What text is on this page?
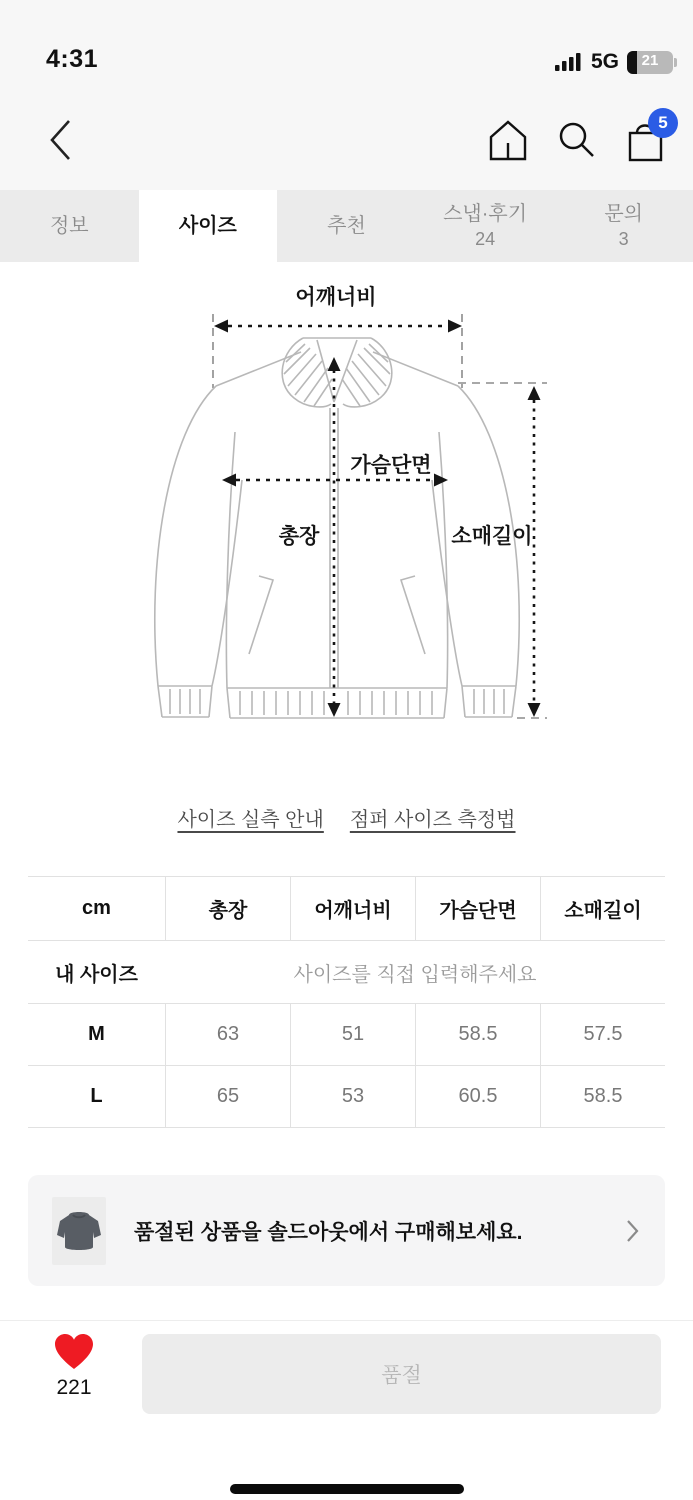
4:31	5G	21
5
정보	사이즈	추천
스냅·후기
24
문의
3
어깨너비
가슴단면
총장	소매길이
사이즈 실측 안내 점퍼 사이즈 측정법
cm	총장	어깨너비	가슴단면	소매길이
내 사이즈	사이즈를 직접 입력해주세요
M	63	51	58.5	57.5
L	65	53	60.5	58.5
품절된 상품을 솔드아웃에서 구매해보세요.
221
품절
